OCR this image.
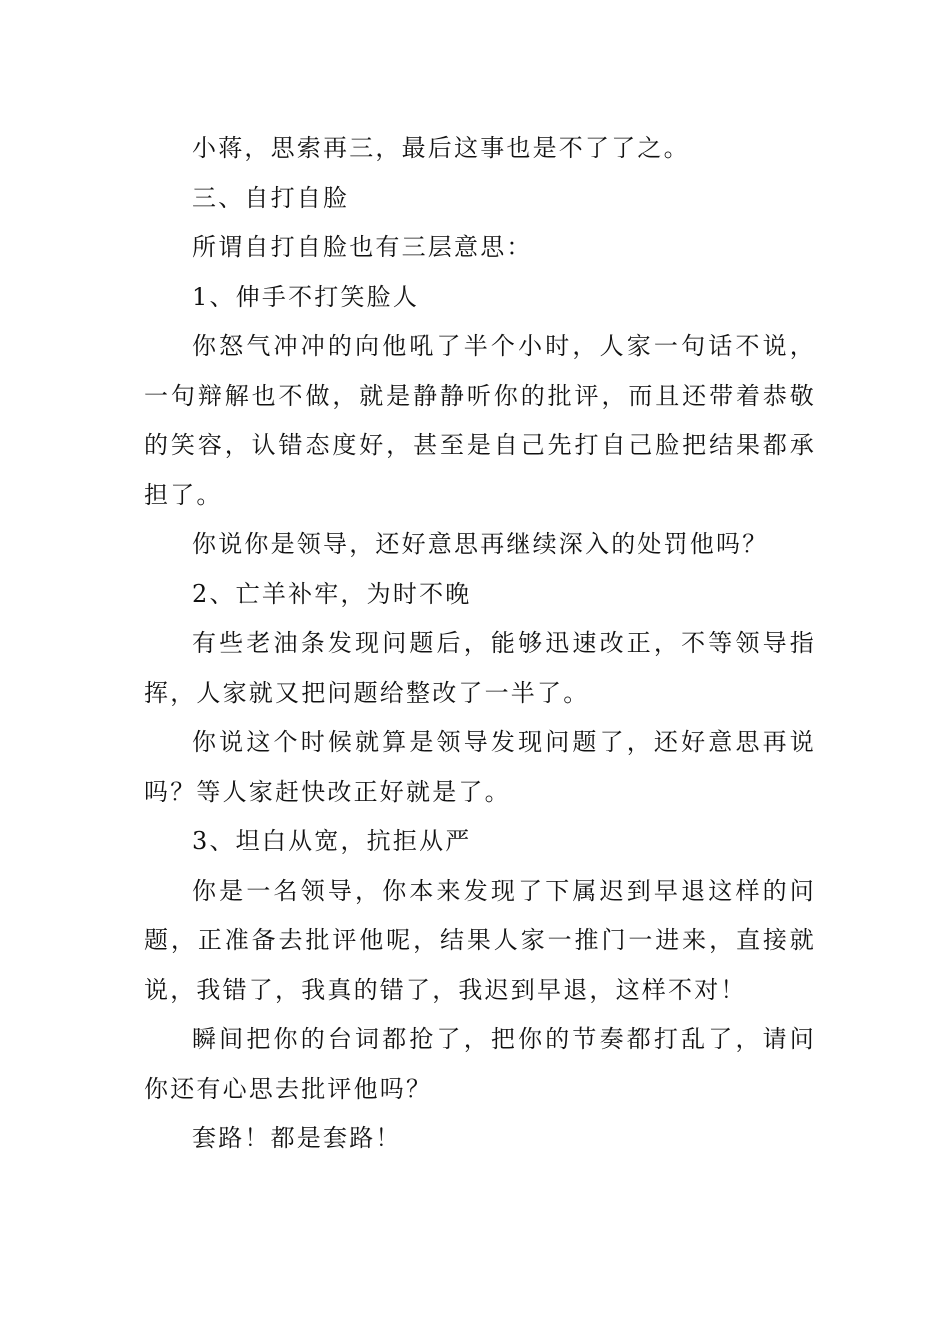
小蒋，思索再三，最后这事也是不了了之。

三、自打自脸

所谓自打自脸也有三层意思：

1、伸手不打笑脸人

你怒气冲冲的向他吼了半个小时，人家一句话不说，一句辩解也不做，就是静静听你的批评，而且还带着恭敬的笑容，认错态度好，甚至是自己先打自己脸把结果都承担了。

你说你是领导，还好意思再继续深入的处罚他吗？

2、亡羊补牢，为时不晚

有些老油条发现问题后，能够迅速改正，不等领导指挥，人家就又把问题给整改了一半了。

你说这个时候就算是领导发现问题了，还好意思再说吗？等人家赶快改正好就是了。

3、坦白从宽，抗拒从严

你是一名领导，你本来发现了下属迟到早退这样的问题，正准备去批评他呢，结果人家一推门一进来，直接就说，我错了，我真的错了，我迟到早退，这样不对！

瞬间把你的台词都抢了，把你的节奏都打乱了，请问你还有心思去批评他吗？

套路！都是套路！
